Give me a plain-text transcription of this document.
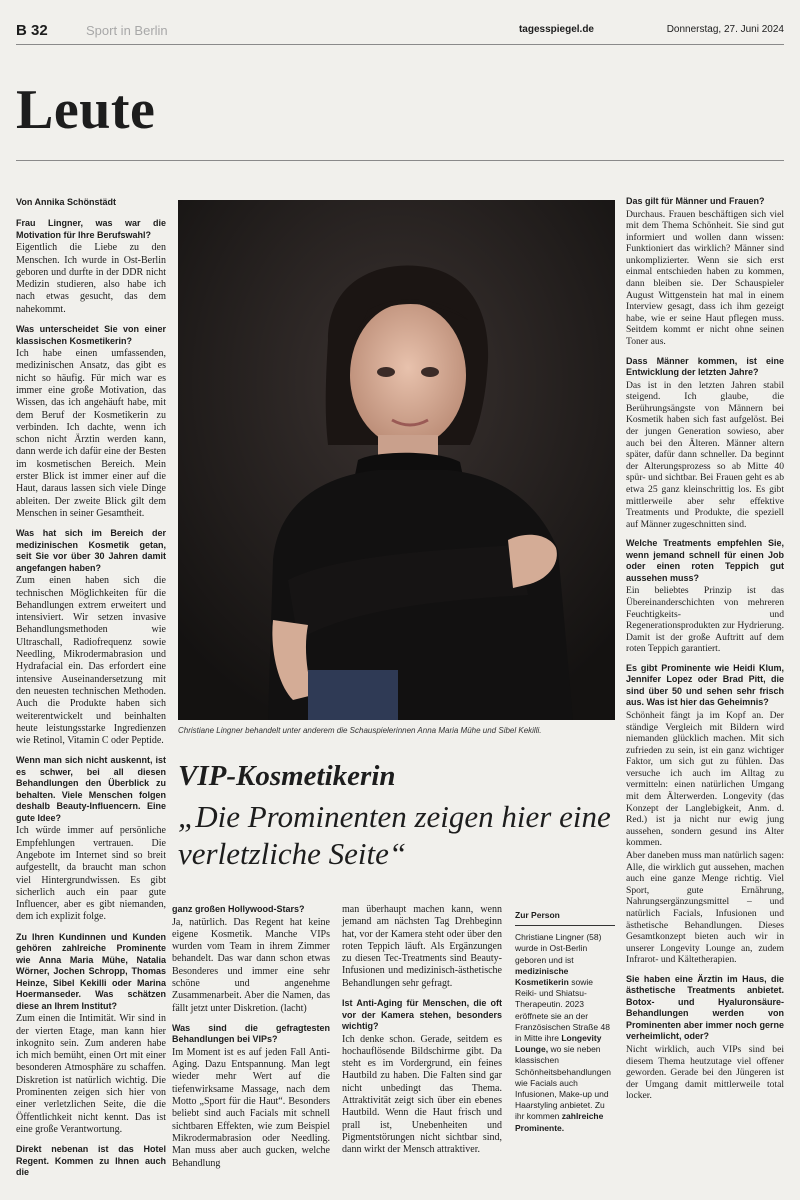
B 32	Sport in Berlin	tagesspiegel.de	Donnerstag, 27. Juni 2024
Leute
Von Annika Schönstädt
Frau Lingner, was war die Motivation für Ihre Berufswahl?

Eigentlich die Liebe zu den Menschen. Ich wurde in Ost-Berlin geboren und durfte in der DDR nicht Medizin studieren, also habe ich nach etwas gesucht, das dem nahekommt.

Was unterscheidet Sie von einer klassischen Kosmetikerin?

Ich habe einen umfassenden, medizinischen Ansatz, das gibt es nicht so häufig. Für mich war es immer eine große Motivation, das Wissen, das ich angehäuft habe, mit dem Beruf der Kosmetikerin zu verbinden. Ich dachte, wenn ich schon nicht Ärztin werden kann, dann werde ich dafür eine der Besten im kosmetischen Bereich. Mein erster Blick ist immer einer auf die Haut, daraus lassen sich viele Dinge ableiten. Der zweite Blick gilt dem Menschen in seiner Gesamtheit.

Was hat sich im Bereich der medizinischen Kosmetik getan, seit Sie vor über 30 Jahren damit angefangen haben?

Zum einen haben sich die technischen Möglichkeiten für die Behandlungen extrem erweitert und intensiviert. Wir setzen invasive Behandlungsmethoden wie Ultraschall, Radiofrequenz sowie Needling, Mikrodermabrasion und Hydrafacial ein. Das erfordert eine intensive Auseinandersetzung mit den neuesten technischen Methoden. Auch die Produkte haben sich weiterentwickelt und beinhalten heute leistungsstarke Ingredienzen wie Retinol, Vitamin C oder Peptide.

Wenn man sich nicht auskennt, ist es schwer, bei all diesen Behandlungen den Überblick zu behalten. Viele Menschen folgen deshalb Beauty-Influencern. Eine gute Idee?

Ich würde immer auf persönliche Empfehlungen vertrauen. Die Angebote im Internet sind so breit aufgestellt, da braucht man schon viel Hintergrundwissen. Es gibt sicherlich auch ein paar gute Influencer, aber es gibt niemanden, dem ich explizit folge.

Zu Ihren Kundinnen und Kunden gehören zahlreiche Prominente wie Anna Maria Mühe, Natalia Wörner, Jochen Schropp, Thomas Heinze, Sibel Kekilli oder Marina Hoermanseder. Was schätzen diese an Ihrem Institut?

Zum einen die Intimität. Wir sind in der vierten Etage, man kann hier inkognito sein. Zum anderen habe ich mich bemüht, einen Ort mit einer besonderen Atmosphäre zu schaffen. Diskretion ist natürlich wichtig. Die Prominenten zeigen sich hier von einer verletzlichen Seite, die die Öffentlichkeit nicht kennt. Das ist eine große Verantwortung.

Direkt nebenan ist das Hotel Regent. Kommen zu Ihnen auch die
Christiane Lingner behandelt unter anderem die Schauspielerinnen Anna Maria Mühe und Sibel Kekilli.
VIP-Kosmetikerin
„Die Prominenten zeigen hier eine verletzliche Seite“
ganz großen Hollywood-Stars?

Ja, natürlich. Das Regent hat keine eigene Kosmetik. Manche VIPs wurden vom Team in ihrem Zimmer behandelt. Das war dann schon etwas Besonderes und immer eine sehr schöne und angenehme Zusammenarbeit. Aber die Namen, das fällt jetzt unter Diskretion. (lacht)

Was sind die gefragtesten Behandlungen bei VIPs?

Im Moment ist es auf jeden Fall Anti-Aging. Dazu Entspannung. Man legt wieder mehr Wert auf die tiefenwirksame Massage, nach dem Motto „Sport für die Haut“. Besonders beliebt sind auch Facials mit schnell sichtbaren Effekten, wie zum Beispiel Mikrodermabrasion oder Needling. Man muss aber auch gucken, welche Behandlung

man überhaupt machen kann, wenn jemand am nächsten Tag Drehbeginn hat, vor der Kamera steht oder über den roten Teppich läuft. Als Ergänzungen zu diesen Tec-Treatments sind Beauty-Infusionen und medizinisch-ästhetische Behandlungen sehr gefragt.

Ist Anti-Aging für Menschen, die oft vor der Kamera stehen, besonders wichtig?

Ich denke schon. Gerade, seitdem es hochauflösende Bildschirme gibt. Da steht es im Vordergrund, ein feines Hautbild zu haben. Die Falten sind gar nicht unbedingt das Thema. Attraktivität zeigt sich über ein ebenes Hautbild. Wenn die Haut frisch und prall ist, Unebenheiten und Pigmentstörungen nicht sichtbar sind, dann wirkt der Mensch attraktiver.

Zur Person
Christiane Lingner (58) wurde in Ost-Berlin geboren und ist medizinische Kosmetikerin sowie Reiki- und Shiatsu-Therapeutin. 2023 eröffnete sie an der Französischen Straße 48 in Mitte ihre Longevity Lounge, wo sie neben klassischen Schönheitsbehandlungen wie Facials auch Infusionen, Make-up und Haarstyling anbietet. Zu ihr kommen zahlreiche Prominente.
Das gilt für Männer und Frauen?

Durchaus. Frauen beschäftigen sich viel mit dem Thema Schönheit. Sie sind gut informiert und wollen dann wissen: Funktioniert das wirklich? Männer sind unkomplizierter. Wenn sie sich erst einmal entschieden haben zu kommen, dann bleiben sie. Der Schauspieler August Wittgenstein hat mal in einem Interview gesagt, dass ich ihm gezeigt habe, wie er seine Haut pflegen muss. Seitdem kommt er nicht ohne seinen Toner aus.

Dass Männer kommen, ist eine Entwicklung der letzten Jahre?

Das ist in den letzten Jahren stabil steigend. Ich glaube, die Berührungsängste von Männern bei Kosmetik haben sich fast aufgelöst. Bei der jungen Generation sowieso, aber auch bei den Älteren. Männer altern später, dafür dann schneller. Da beginnt der Alterungsprozess so ab Mitte 40 spür- und sichtbar. Bei Frauen geht es ab etwa 25 ganz kleinschrittig los. Es gibt mittlerweile aber sehr effektive Treatments und Produkte, die speziell auf Männer zugeschnitten sind.

Welche Treatments empfehlen Sie, wenn jemand schnell für einen Job oder einen roten Teppich gut aussehen muss?

Ein beliebtes Prinzip ist das Übereinanderschichten von mehreren Feuchtigkeits- und Regenerationsprodukten zur Hydrierung. Damit ist der große Auftritt auf dem roten Teppich garantiert.

Es gibt Prominente wie Heidi Klum, Jennifer Lopez oder Brad Pitt, die sind über 50 und sehen sehr frisch aus. Was ist hier das Geheimnis?

Schönheit fängt ja im Kopf an. Der ständige Vergleich mit Bildern wird niemanden glücklich machen. Mit sich zufrieden zu sein, ist ein ganz wichtiger Faktor, um sich gut zu fühlen. Das versuche ich auch im Alltag zu vermitteln: einen natürlichen Umgang mit dem Älterwerden. Longevity (das Konzept der Langlebigkeit, Anm. d. Red.) ist ja nicht nur ewig jung aussehen, sondern gesund ins Alter kommen.

Aber daneben muss man natürlich sagen: Alle, die wirklich gut aussehen, machen auch eine ganze Menge richtig. Viel Sport, gute Ernährung, Nahrungsergänzungsmittel – und natürlich Facials, Infusionen und ästhetische Behandlungen. Dieses Gesamtkonzept bieten auch wir in unserer Longevity Lounge an, zudem Infrarot- und Kältetherapien.

Sie haben eine Ärztin im Haus, die ästhetische Treatments anbietet. Botox- und Hyaluronsäure-Behandlungen werden von Prominenten aber immer noch gerne verheimlicht, oder?

Nicht wirklich, auch VIPs sind bei diesem Thema heutzutage viel offener geworden. Gerade bei den Jüngeren ist der Umgang damit mittlerweile total locker.
